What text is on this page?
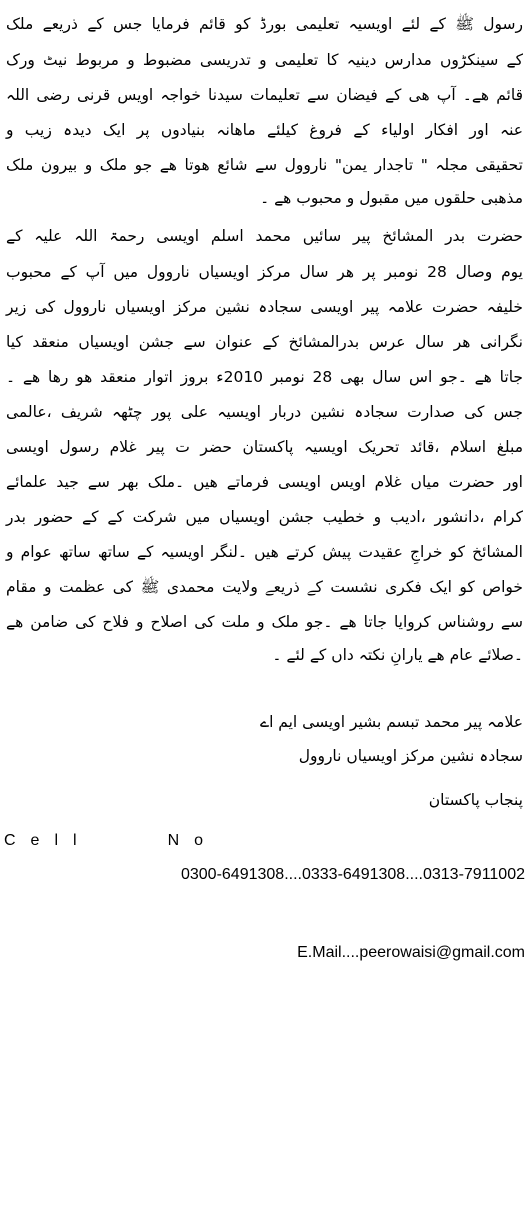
رسول ﷺ کے لئے اویسیہ تعلیمی بورڈ کو قائم فرمایا جس کے ذریعے ملک
کے سینکڑوں مدارس دینیہ کا تعلیمی و تدریسی مضبوط و مربوط نیٹ ورک
قائم ھے۔ آپ ھی کے فیضان سے تعلیمات سیدنا خواجہ اویس قرنی رضی اللہ
عنہ اور افکار اولیاء کے فروغ کیلئے ماھانہ بنیادوں پر ایک دیدہ زیب و
تحقیقی مجلہ " تاجدار یمن" ناروول سے شائع ھوتا ھے جو ملک و بیرون ملک
مذھبی حلقوں میں مقبول و محبوب ھے ۔
حضرت بدر المشائخ پیر سائیں محمد اسلم اویسی رحمۃ اللہ علیہ کے
یوم وصال 28 نومبر پر ھر سال مرکز اویسیاں ناروول میں آپ کے محبوب
خلیفہ حضرت علامہ پیر اویسی سجادہ نشین مرکز اویسیاں ناروول کی زیر
نگرانی ھر سال عرس بدرالمشائخ کے عنوان سے جشن اویسیاں منعقد کیا
جاتا ھے ۔جو اس سال بھی 28 نومبر 2010ء بروز اتوار منعقد ھو رھا ھے ۔
جس کی صدارت سجادہ نشین دربار اویسیہ علی پور چٹھہ شریف ،عالمی
مبلغ اسلام ،قائد تحریک اویسیہ پاکستان حضر ت پیر غلام رسول اویسی
اور حضرت میاں غلام اویس اویسی فرماتے ھیں ۔ملک بھر سے جید علمائے
کرام ،دانشور ،ادیب و خطیب جشن اویسیاں میں شرکت کے کے حضور بدر
المشائخ کو خراجِ عقیدت پیش کرتے ھیں ۔لنگر اویسیہ کے ساتھ ساتھ عوام و
خواص کو ایک فکری نشست کے ذریعے ولایت محمدی ﷺ کی عظمت و مقام
سے روشناس کروایا جاتا ھے ۔جو ملک و ملت کی اصلاح و فلاح کی ضامن ھے
۔صلائے عام ھے یارانِ نکتہ داں کے لئے ۔
علامہ پیر محمد تبسم بشیر اویسی ایم اے
سجادہ نشین مرکز اویسیاں ناروول
پنجاب پاکستان
Cell	No
0300-6491308....0333-6491308....0313-7911002
E.Mail....peerowaisi@gmail.com
